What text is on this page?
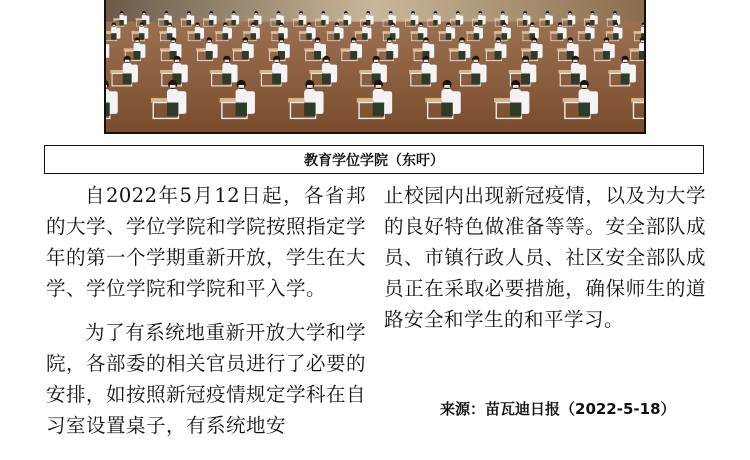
教育学位学院（东吁）

自2022年5月12日起，各省邦的大学、学位学院和学院按照指定学年的第一个学期重新开放，学生在大学、学位学院和学院和平入学。

为了有系统地重新开放大学和学院，各部委的相关官员进行了必要的安排，如按照新冠疫情规定学科在自习室设置桌子，有系统地安

止校园内出现新冠疫情，以及为大学的良好特色做准备等等。安全部队成员、市镇行政人员、社区安全部队成员正在采取必要措施，确保师生的道路安全和学生的和平学习。

来源：苗瓦迪日报（2022-5-18）
